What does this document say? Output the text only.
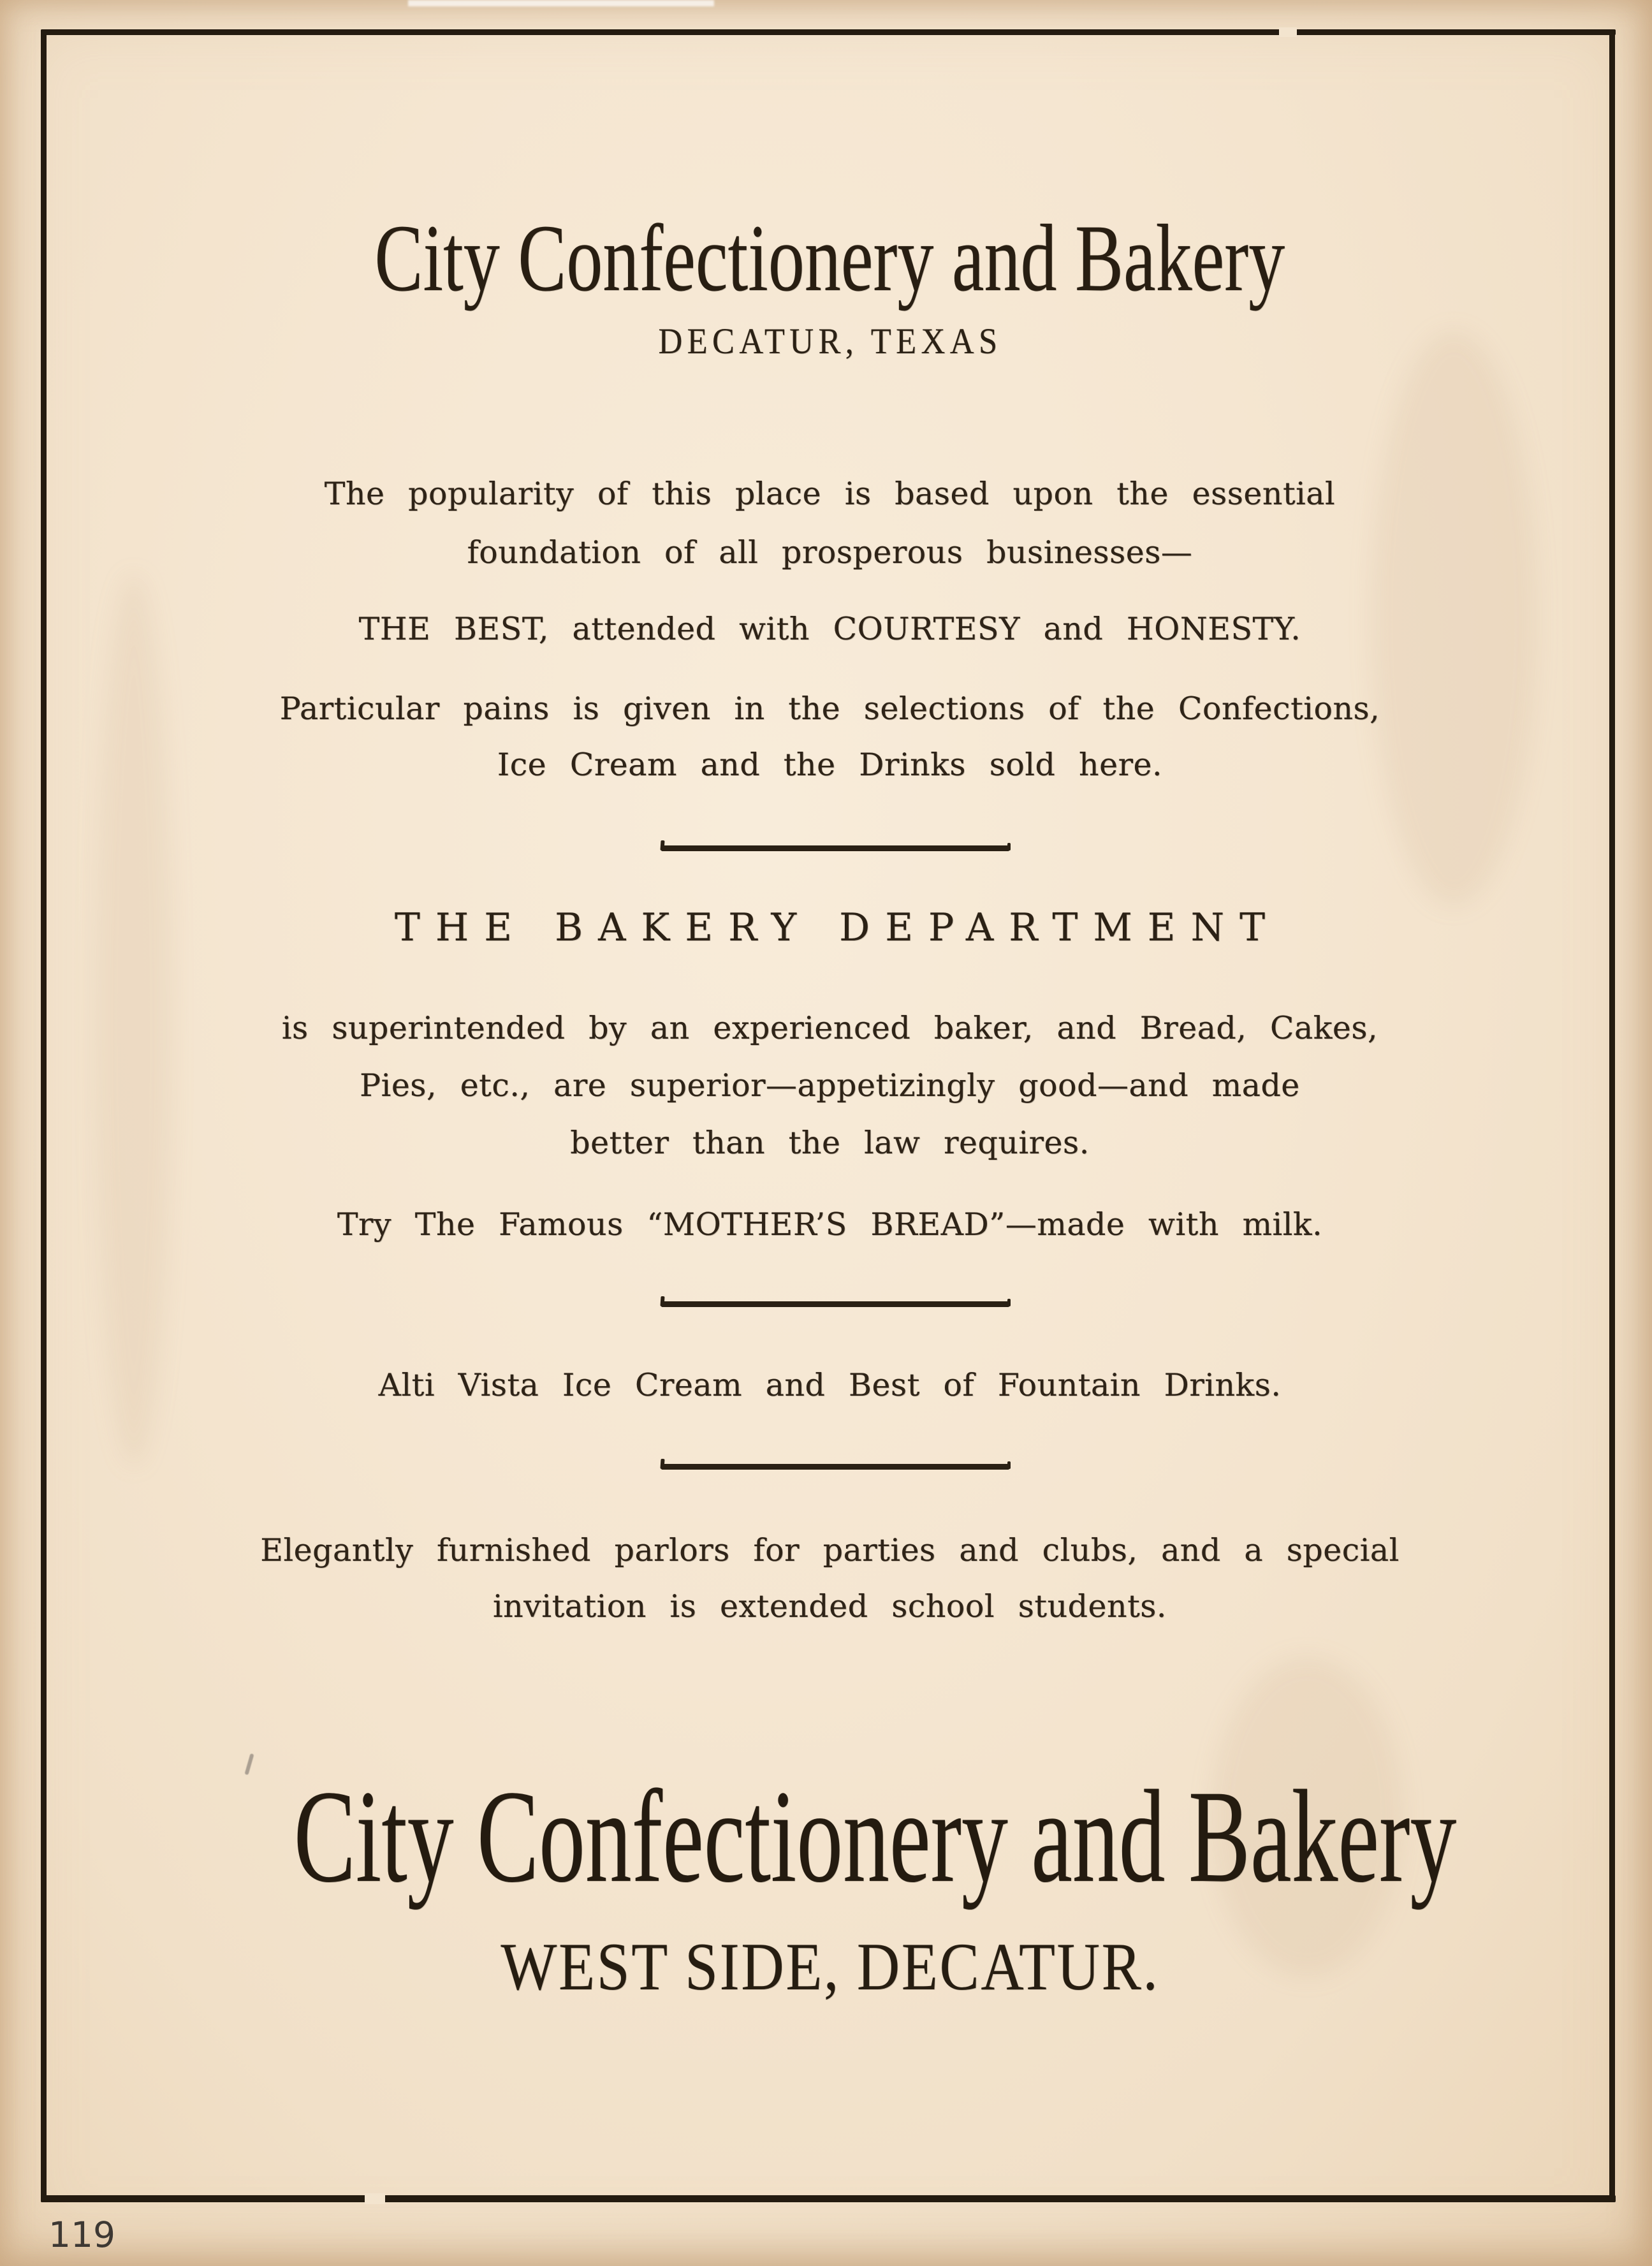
City Confectionery and Bakery
DECATUR, TEXAS
The popularity of this place is based upon the essential
foundation of all prosperous businesses—
THE BEST, attended with COURTESY and HONESTY.
Particular pains is given in the selections of the Confections,
Ice Cream and the Drinks sold here.
THE BAKERY DEPARTMENT
is superintended by an experienced baker, and Bread, Cakes,
Pies, etc., are superior—appetizingly good—and made
better than the law requires.
Try The Famous “MOTHER’S BREAD”—made with milk.
Alti Vista Ice Cream and Best of Fountain Drinks.
Elegantly furnished parlors for parties and clubs, and a special
invitation is extended school students.
City Confectionery and Bakery
WEST SIDE, DECATUR.
119
